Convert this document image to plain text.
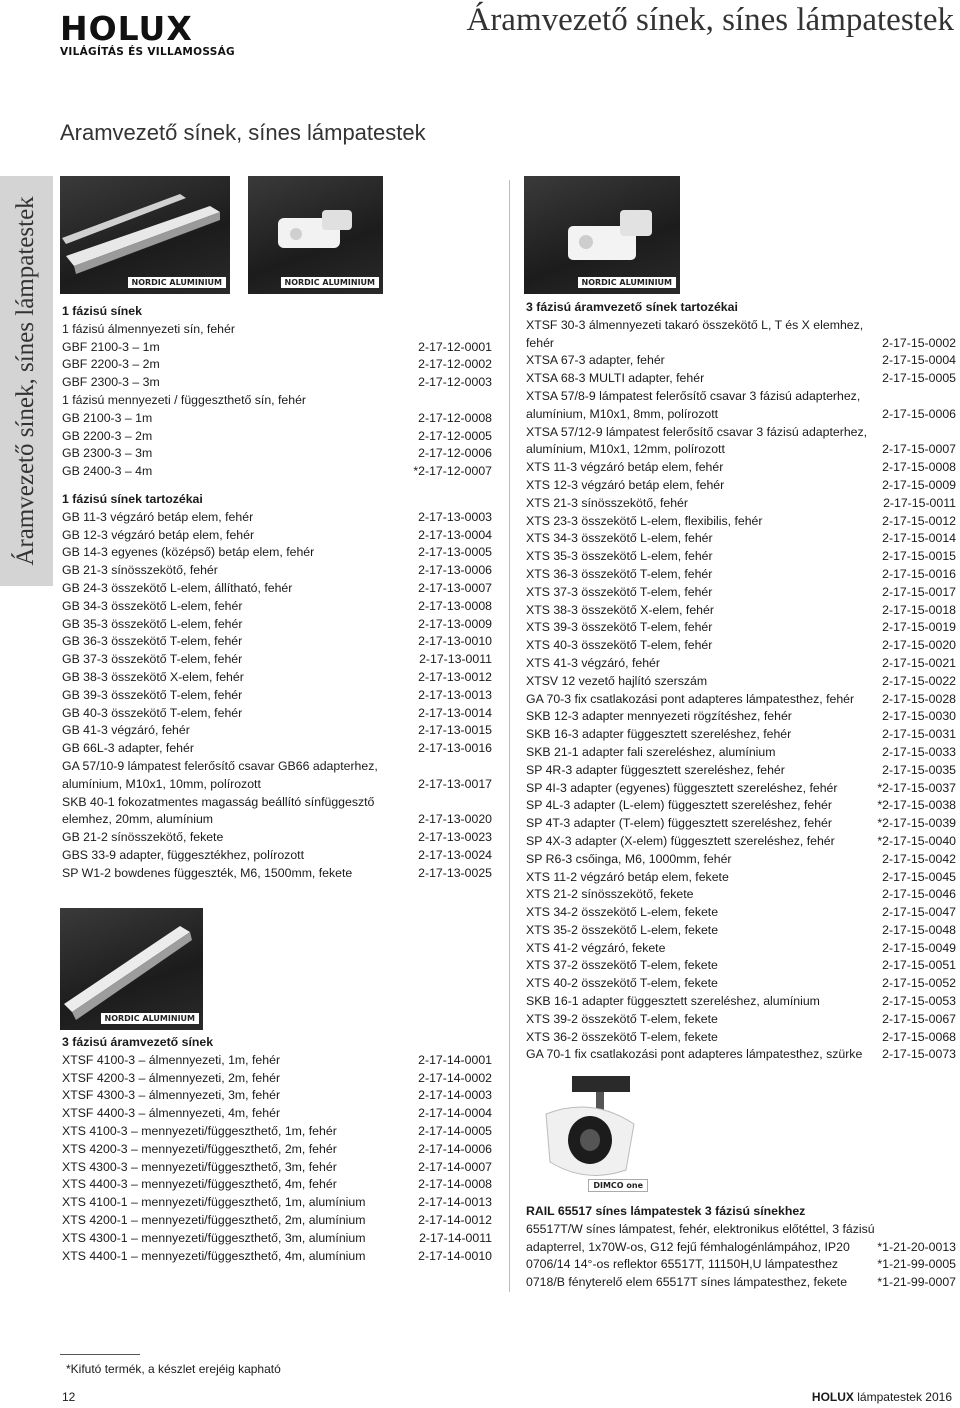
HOLUX
VILÁGÍTÁS ÉS VILLAMOSSÁG
Áramvezető sínek, sínes lámpatestek
Aramvezető sínek, sínes lámpatestek
Áramvezető sínek, sínes lámpatestek	NORDIC ALUMINIUM	NORDIC ALUMINIUM
NORDIC ALUMINIUM
NORDIC ALUMINIUM
DIMCO one
1 fázisú sínek
1 fázisú álmennyezeti sín, fehér
GBF 2100-3 – 1m	2-17-12-0001
GBF 2200-3 – 2m	2-17-12-0002
GBF 2300-3 – 3m	2-17-12-0003
1 fázisú mennyezeti / függeszthető sín, fehér
GB 2100-3 – 1m	2-17-12-0008
GB 2200-3 – 2m	2-17-12-0005
GB 2300-3 – 3m	2-17-12-0006
GB 2400-3 – 4m	*2-17-12-0007
1 fázisú sínek tartozékai
GB 11-3 végzáró betáp elem, fehér	2-17-13-0003
GB 12-3 végzáró betáp elem, fehér	2-17-13-0004
GB 14-3 egyenes (középső) betáp elem, fehér	2-17-13-0005
GB 21-3 sínösszekötő, fehér	2-17-13-0006
GB 24-3 összekötő L-elem, állítható, fehér	2-17-13-0007
GB 34-3 összekötő L-elem, fehér	2-17-13-0008
GB 35-3 összekötő L-elem, fehér	2-17-13-0009
GB 36-3 összekötő T-elem, fehér	2-17-13-0010
GB 37-3 összekötő T-elem, fehér	2-17-13-0011
GB 38-3 összekötő X-elem, fehér	2-17-13-0012
GB 39-3 összekötő T-elem, fehér	2-17-13-0013
GB 40-3 összekötő T-elem, fehér	2-17-13-0014
GB 41-3 végzáró, fehér	2-17-13-0015
GB 66L-3 adapter, fehér	2-17-13-0016
GA 57/10-9 lámpatest felerősítő csavar GB66 adapterhez,
alumínium, M10x1, 10mm, polírozott	2-17-13-0017
SKB 40-1 fokozatmentes magasság beállító sínfüggesztő
elemhez, 20mm, alumínium	2-17-13-0020
GB 21-2 sínösszekötő, fekete	2-17-13-0023
GBS 33-9 adapter, függesztékhez, polírozott	2-17-13-0024
SP W1-2 bowdenes függeszték, M6, 1500mm, fekete	2-17-13-0025
3 fázisú áramvezető sínek
XTSF 4100-3 – álmennyezeti, 1m, fehér	2-17-14-0001
XTSF 4200-3 – álmennyezeti, 2m, fehér	2-17-14-0002
XTSF 4300-3 – álmennyezeti, 3m, fehér	2-17-14-0003
XTSF 4400-3 – álmennyezeti, 4m, fehér	2-17-14-0004
XTS 4100-3 – mennyezeti/függeszthető, 1m, fehér	2-17-14-0005
XTS 4200-3 – mennyezeti/függeszthető, 2m, fehér	2-17-14-0006
XTS 4300-3 – mennyezeti/függeszthető, 3m, fehér	2-17-14-0007
XTS 4400-3 – mennyezeti/függeszthető, 4m, fehér	2-17-14-0008
XTS 4100-1 – mennyezeti/függeszthető, 1m, alumínium	2-17-14-0013
XTS 4200-1 – mennyezeti/függeszthető, 2m, alumínium	2-17-14-0012
XTS 4300-1 – mennyezeti/függeszthető, 3m, alumínium	2-17-14-0011
XTS 4400-1 – mennyezeti/függeszthető, 4m, alumínium	2-17-14-0010
3 fázisú áramvezető sínek tartozékai
XTSF 30-3 álmennyezeti takaró összekötő L, T és X elemhez,
fehér	2-17-15-0002
XTSA 67-3 adapter, fehér	2-17-15-0004
XTSA 68-3 MULTI adapter, fehér	2-17-15-0005
XTSA 57/8-9 lámpatest felerősítő csavar 3 fázisú adapterhez,
alumínium, M10x1, 8mm, polírozott	2-17-15-0006
XTSA 57/12-9 lámpatest felerősítő csavar 3 fázisú adapterhez,
alumínium, M10x1, 12mm, polírozott	2-17-15-0007
XTS 11-3 végzáró betáp elem, fehér	2-17-15-0008
XTS 12-3 végzáró betáp elem, fehér	2-17-15-0009
XTS 21-3 sínösszekötő, fehér	2-17-15-0011
XTS 23-3 összekötő L-elem, flexibilis, fehér	2-17-15-0012
XTS 34-3 összekötő L-elem, fehér	2-17-15-0014
XTS 35-3 összekötő L-elem, fehér	2-17-15-0015
XTS 36-3 összekötő T-elem, fehér	2-17-15-0016
XTS 37-3 összekötő T-elem, fehér	2-17-15-0017
XTS 38-3 összekötő X-elem, fehér	2-17-15-0018
XTS 39-3 összekötő T-elem, fehér	2-17-15-0019
XTS 40-3 összekötő T-elem, fehér	2-17-15-0020
XTS 41-3 végzáró, fehér	2-17-15-0021
XTSV 12 vezető hajlító szerszám	2-17-15-0022
GA 70-3 fix csatlakozási pont adapteres lámpatesthez, fehér 2-17-15-0028
SKB 12-3 adapter mennyezeti rögzítéshez, fehér	2-17-15-0030
SKB 16-3 adapter függesztett szereléshez, fehér	2-17-15-0031
SKB 21-1 adapter fali szereléshez, alumínium	2-17-15-0033
SP 4R-3 adapter függesztett szereléshez, fehér	2-17-15-0035
SP 4I-3 adapter (egyenes) függesztett szereléshez, fehér	*2-17-15-0037
SP 4L-3 adapter (L-elem) függesztett szereléshez, fehér	*2-17-15-0038
SP 4T-3 adapter (T-elem) függesztett szereléshez, fehér	*2-17-15-0039
SP 4X-3 adapter (X-elem) függesztett szereléshez, fehér	*2-17-15-0040
SP R6-3 csőinga, M6, 1000mm, fehér	2-17-15-0042
XTS 11-2 végzáró betáp elem, fekete	2-17-15-0045
XTS 21-2 sínösszekötő, fekete	2-17-15-0046
XTS 34-2 összekötő L-elem, fekete	2-17-15-0047
XTS 35-2 összekötő L-elem, fekete	2-17-15-0048
XTS 41-2 végzáró, fekete	2-17-15-0049
XTS 37-2 összekötő T-elem, fekete	2-17-15-0051
XTS 40-2 összekötő T-elem, fekete	2-17-15-0052
SKB 16-1 adapter függesztett szereléshez, alumínium	2-17-15-0053
XTS 39-2 összekötő T-elem, fekete	2-17-15-0067
XTS 36-2 összekötő T-elem, fekete	2-17-15-0068
GA 70-1 fix csatlakozási pont adapteres lámpatesthez, szürke 2-17-15-0073
RAIL 65517 sínes lámpatestek 3 fázisú sínekhez
65517T/W sínes lámpatest, fehér, elektronikus előtéttel, 3 fázisú
adapterrel, 1x70W-os, G12 fejű fémhalogénlámpához, IP20 *1-21-20-0013
0706/14 14°-os reflektor 65517T, 11150H,U lámpatesthez	*1-21-99-0005
0718/B fényterelő elem 65517T sínes lámpatesthez, fekete *1-21-99-0007
*Kifutó termék, a készlet erejéig kapható
12	HOLUX lámpatestek 2016
